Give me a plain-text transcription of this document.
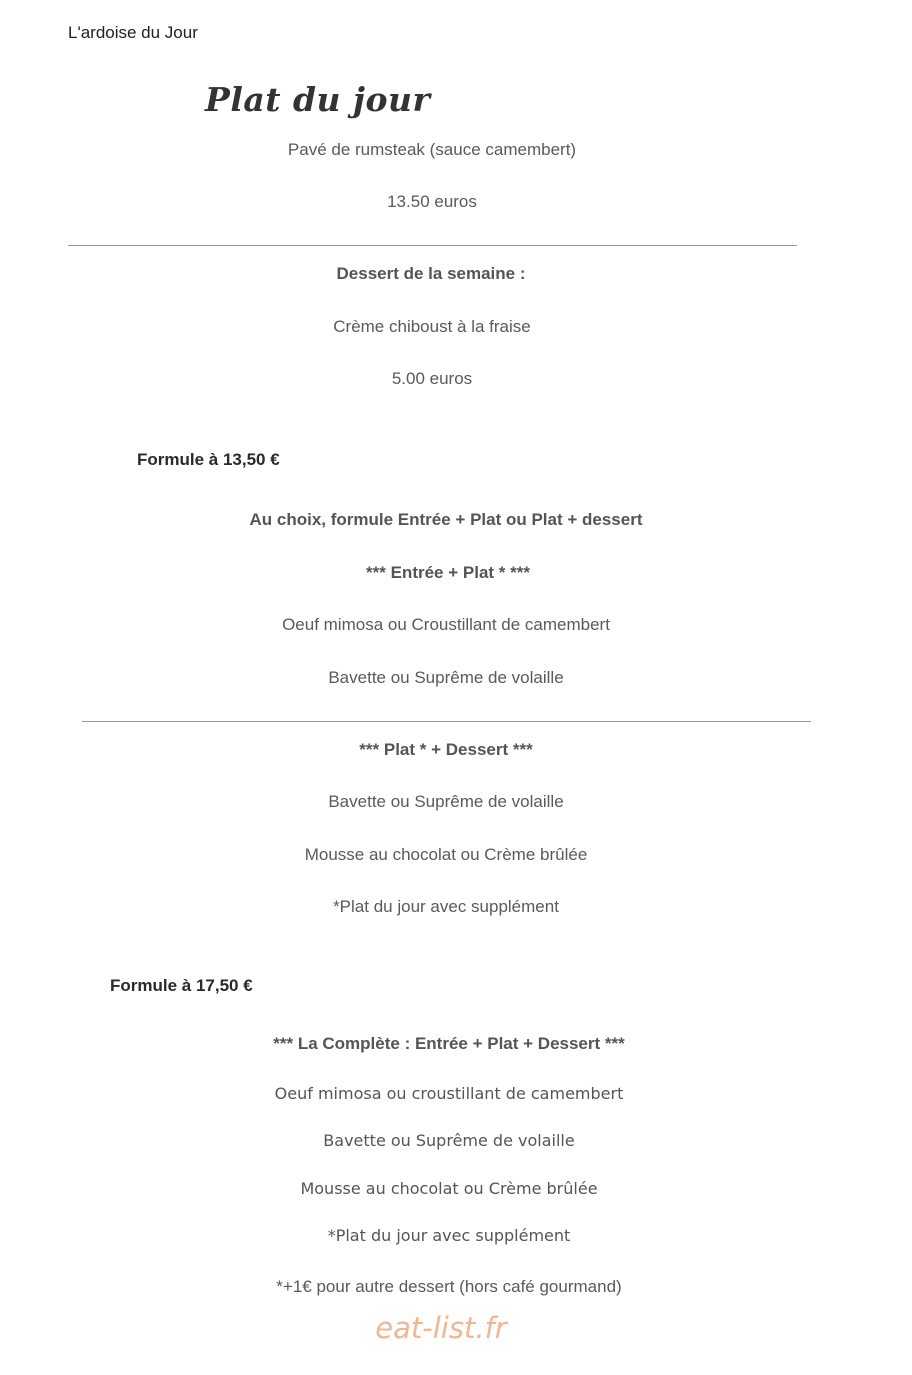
L'ardoise du Jour
Plat du jour
Pavé de rumsteak (sauce camembert)
13.50 euros
Dessert de la semaine :
Crème chiboust à la fraise
5.00 euros
Formule à 13,50 €
Au choix, formule Entrée + Plat ou Plat + dessert
*** Entrée + Plat * ***
Oeuf mimosa ou Croustillant de camembert
Bavette ou Suprême de volaille
*** Plat * + Dessert ***
Bavette ou Suprême de volaille
Mousse au chocolat ou Crème brûlée
*Plat du jour avec supplément
Formule à 17,50 €
*** La Complète : Entrée + Plat + Dessert ***
Oeuf mimosa ou croustillant de camembert
Bavette ou Suprême de volaille
Mousse au chocolat ou Crème brûlée
*Plat du jour avec supplément
*+1€ pour autre dessert (hors café gourmand)
eat-list.fr
